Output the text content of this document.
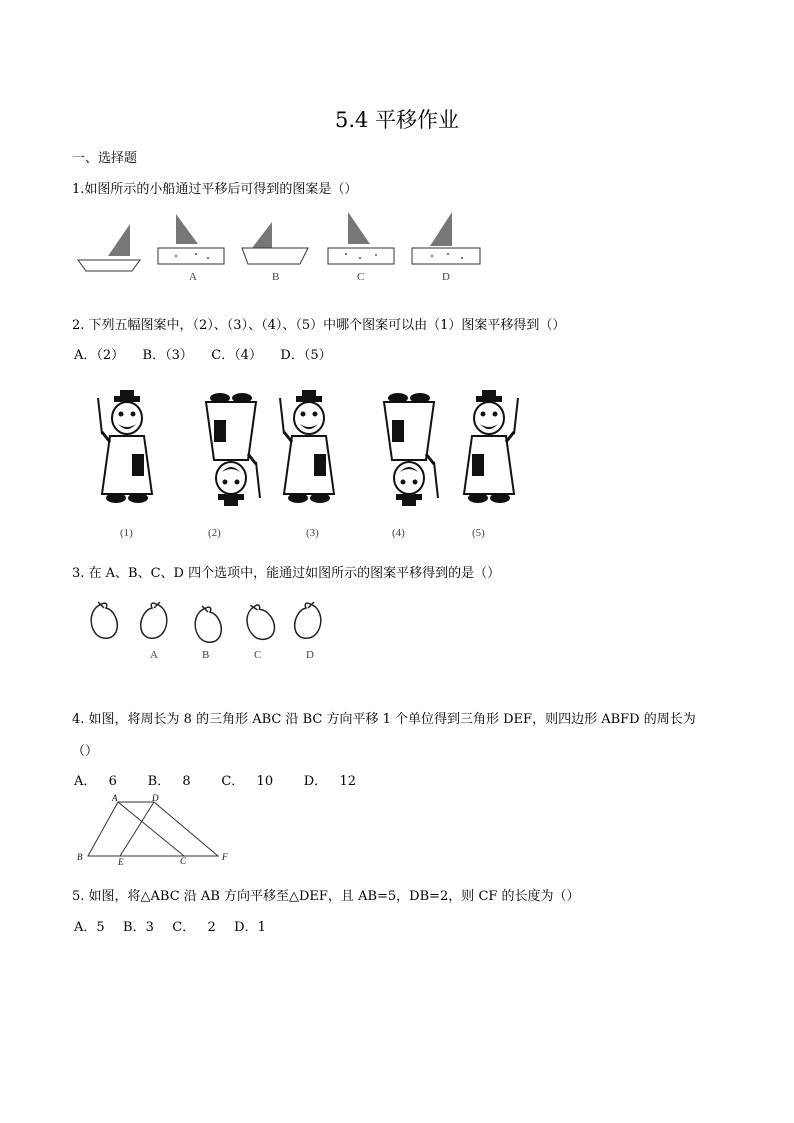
5.4 平移作业
一、选择题
1.如图所示的小船通过平移后可得到的图案是（）
A	B	C	D
2. 下列五幅图案中，（2）、（3）、（4）、（5）中哪个图案可以由（1）图案平移得到（）
A．（2）   B．（3）   C．（4）   D．（5）
(1)	(2)	(3)	(4)	(5)
3. 在 A、B、C、D 四个选项中，能通过如图所示的图案平移得到的是（）
A	B	C	D
4. 如图，将周长为 8 的三角形 ABC 沿 BC 方向平移 1 个单位得到三角形 DEF，则四边形 ABFD 的周长为
（）
A．  6     B．  8     C．  10     D．  12
A	D
B	E	C	F
5. 如图，将△ABC 沿 AB 方向平移至△DEF，且 AB=5，DB=2，则 CF 的长度为（）
A．5   B．3   C．  2   D．1
